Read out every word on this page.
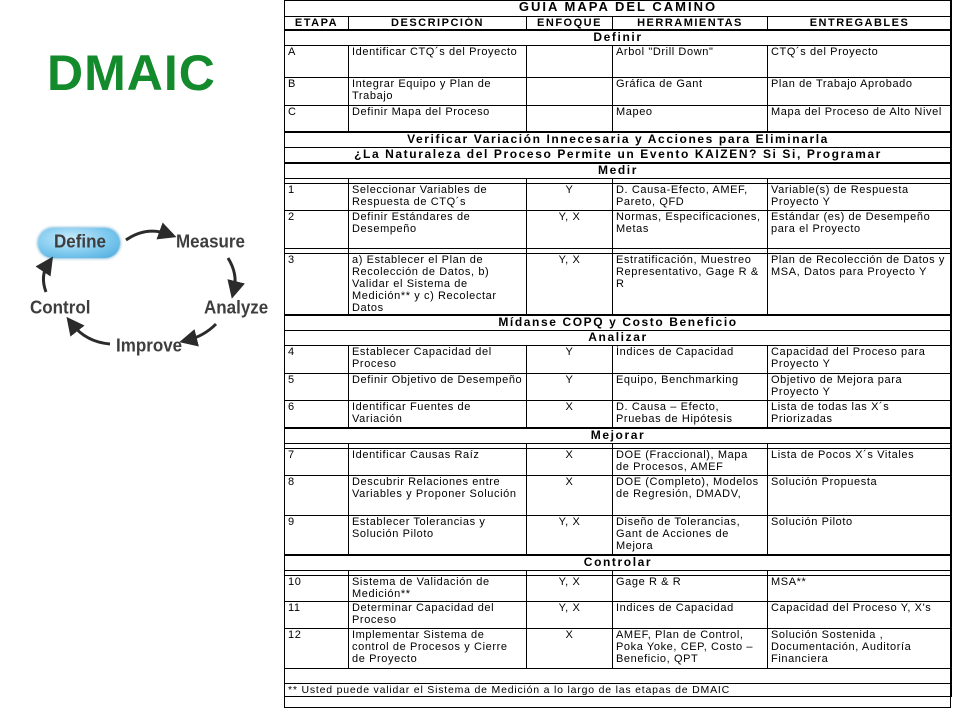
DMAIC
Define	Measure
Analyze
Improve
Control
GUIA MAPA DEL CAMINO				
ETAPA	DESCRIPCIÓN	ENFOQUE	HERRAMIENTAS	ENTREGABLES
Definir				
A	Identificar CTQ´s del Proyecto		Arbol "Drill Down"	CTQ´s del Proyecto
B	Integrar Equipo y Plan de Trabajo		Gráfica de Gant	Plan de Trabajo Aprobado
C	Definir Mapa del Proceso		Mapeo	Mapa del Proceso de Alto Nivel
Verificar Variación Innecesaria y Acciones para Eliminarla				
¿La Naturaleza del Proceso Permite un Evento KAIZEN? Si Si, Programar				
Medir				

1	Seleccionar Variables de Respuesta de CTQ´s	Y	D. Causa-Efecto, AMEF, Pareto, QFD	Variable(s) de Respuesta Proyecto Y
2	Definir Estándares de Desempeño	Y, X	Normas, Especificaciones, Metas	Estándar (es) de Desempeño para el Proyecto

3	a) Establecer el Plan de Recolección de Datos, b) Validar el Sistema de Medición** y c) Recolectar Datos	Y, X	Estratificación, Muestreo Representativo, Gage R & R	Plan de Recolección de Datos y MSA, Datos para Proyecto Y
Mídanse COPQ y Costo Beneficio				
Analizar				
4	Establecer Capacidad del Proceso	Y	Índices de Capacidad	Capacidad del Proceso para Proyecto Y
5	Definir Objetivo de Desempeño	Y	Equipo, Benchmarking	Objetivo de Mejora para Proyecto Y
6	Identificar Fuentes de Variación	X	D. Causa – Efecto, Pruebas de Hipótesis	Lista de todas las X´s Priorizadas
Mejorar				

7	Identificar Causas Raíz	X	DOE (Fraccional), Mapa de Procesos, AMEF	Lista de Pocos X´s Vitales
8	Descubrir Relaciones entre Variables y Proponer Solución	X	DOE (Completo), Modelos de Regresión, DMADV,	Solución Propuesta
9	Establecer Tolerancias y Solución Piloto	Y, X	Diseño de Tolerancias, Gant de Acciones de Mejora	Solución Piloto
Controlar				

10	Sistema de Validación de Medición**	Y, X	Gage R & R	MSA**
11	Determinar Capacidad del Proceso	Y, X	Indices de Capacidad	Capacidad del Proceso Y, X's
12	Implementar Sistema de control de Procesos y Cierre de Proyecto	X	AMEF, Plan de Control, Poka Yoke, CEP, Costo – Beneficio, QPT	Solución Sostenida , Documentación, Auditoría Financiera

** Usted puede validar el Sistema de Medición a lo largo de las etapas de DMAIC				
